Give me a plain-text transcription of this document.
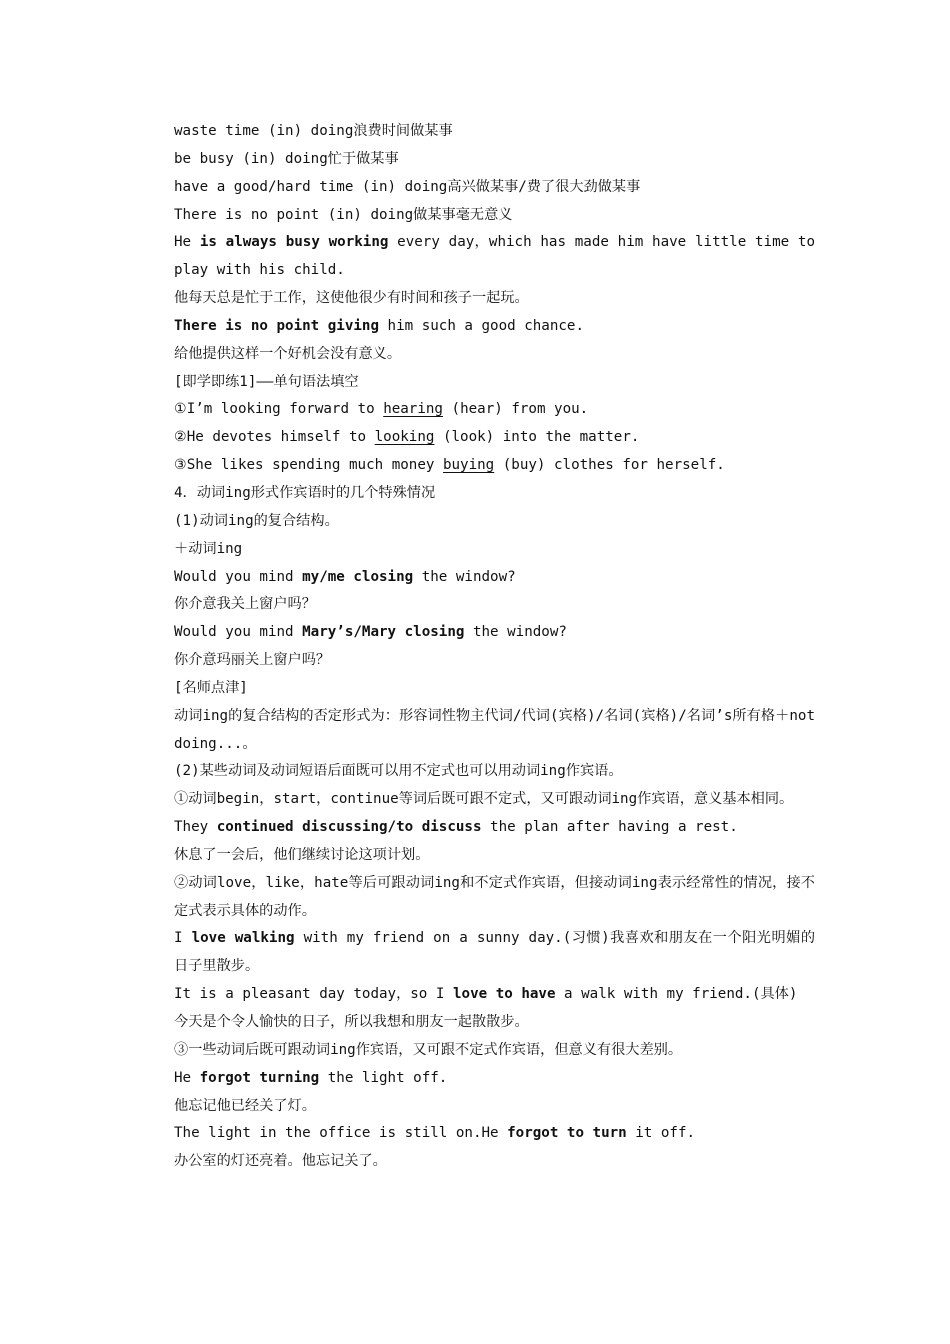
waste time (in) doing浪费时间做某事
be busy (in) doing忙于做某事
have a good/hard time (in) doing高兴做某事/费了很大劲做某事
There is no point (in) doing做某事毫无意义
He is always busy working every day，which has made him have little time to play with his child.
他每天总是忙于工作，这使他很少有时间和孩子一起玩。
There is no point giving him such a good chance.
给他提供这样一个好机会没有意义。
[即学即练1]——单句语法填空
①I’m looking forward to hearing (hear) from you.
②He devotes himself to looking (look) into the matter.
③She likes spending much money buying (buy) clothes for herself.
4．动词ing形式作宾语时的几个特殊情况
(1)动词ing的复合结构。
＋动词ing
Would you mind my/me closing the window?
你介意我关上窗户吗？
Would you mind Mary’s/Mary closing the window?
你介意玛丽关上窗户吗？
[名师点津]
动词ing的复合结构的否定形式为：形容词性物主代词/代词(宾格)/名词(宾格)/名词’s所有格＋not doing...。
(2)某些动词及动词短语后面既可以用不定式也可以用动词ing作宾语。
①动词begin，start，continue等词后既可跟不定式，又可跟动词ing作宾语，意义基本相同。
They continued discussing/to discuss the plan after having a rest.
休息了一会后，他们继续讨论这项计划。
②动词love，like，hate等后可跟动词ing和不定式作宾语，但接动词ing表示经常性的情况，接不定式表示具体的动作。
I love walking with my friend on a sunny day.(习惯)我喜欢和朋友在一个阳光明媚的日子里散步。
It is a pleasant day today，so I love to have a walk with my friend.(具体)
今天是个令人愉快的日子，所以我想和朋友一起散散步。
③一些动词后既可跟动词ing作宾语，又可跟不定式作宾语，但意义有很大差别。
He forgot turning the light off.
他忘记他已经关了灯。
The light in the office is still on.He forgot to turn it off.
办公室的灯还亮着。他忘记关了。
